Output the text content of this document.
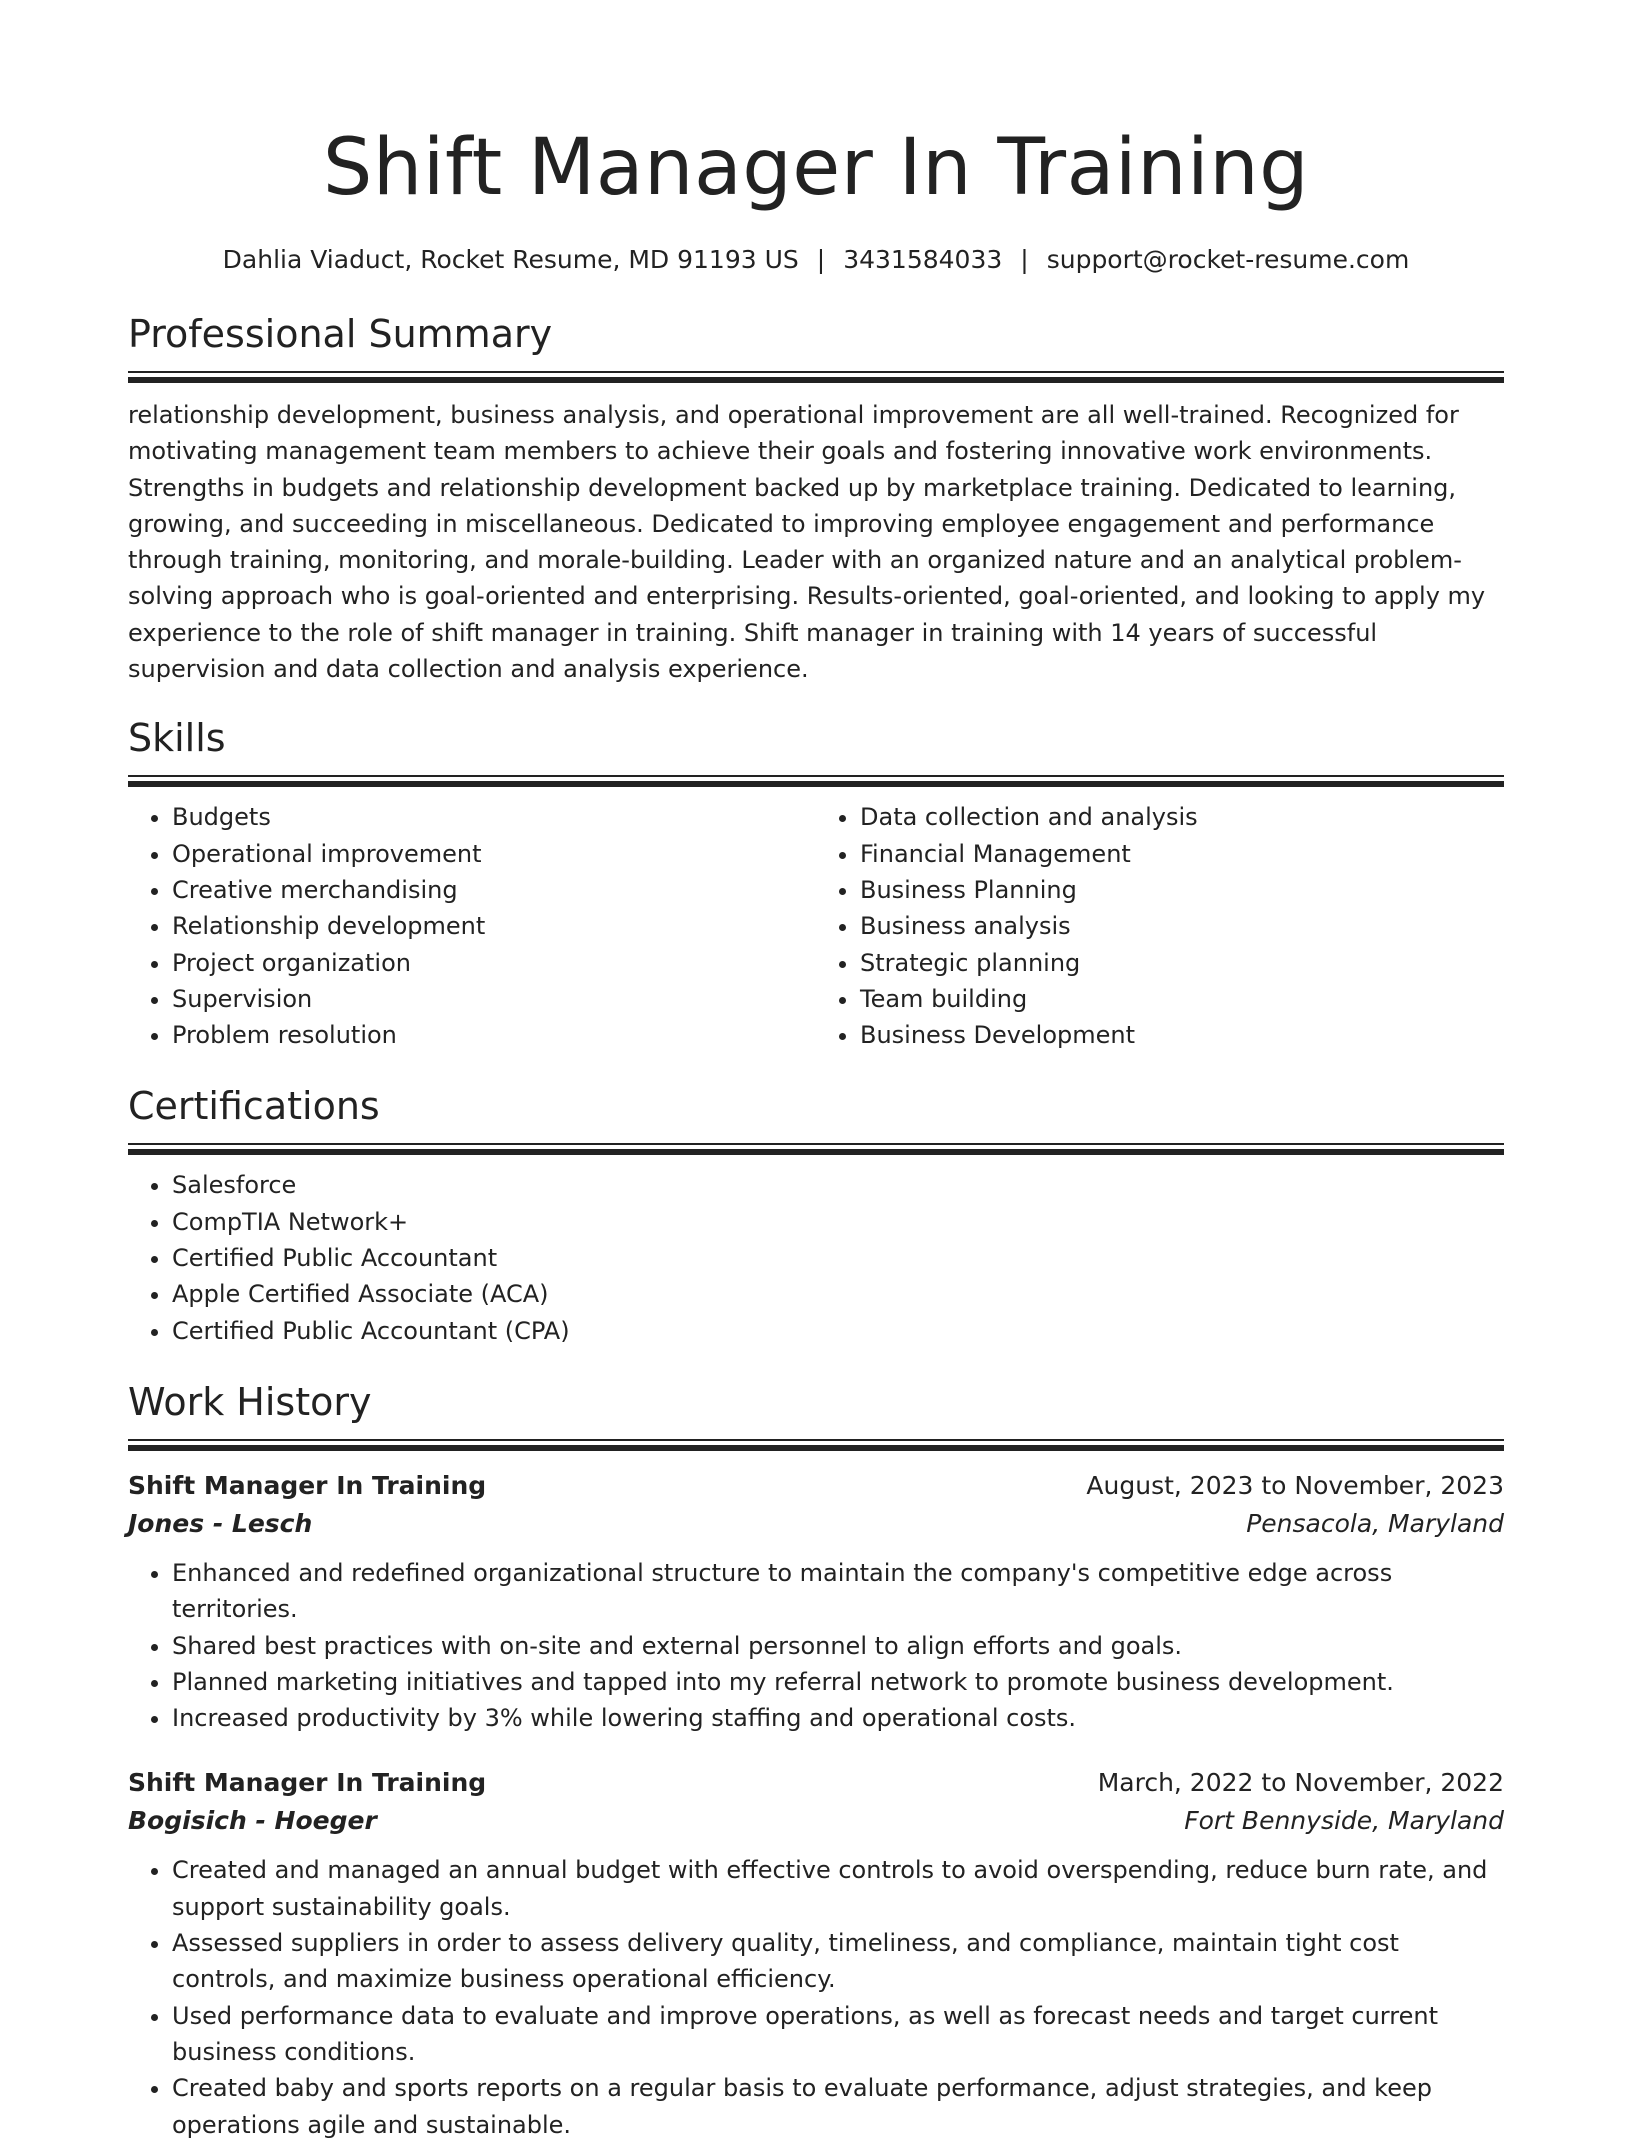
Shift Manager In Training
Dahlia Viaduct, Rocket Resume, MD 91193 US | 3431584033 | support@rocket-resume.com
Professional Summary

relationship development, business analysis, and operational improvement are all well-trained. Recognized for motivating management team members to achieve their goals and fostering innovative work environments. Strengths in budgets and relationship development backed up by marketplace training. Dedicated to learning, growing, and succeeding in miscellaneous. Dedicated to improving employee engagement and performance through training, monitoring, and morale-building. Leader with an organized nature and an analytical problem-solving approach who is goal-oriented and enterprising. Results-oriented, goal-oriented, and looking to apply my experience to the role of shift manager in training. Shift manager in training with 14 years of successful supervision and data collection and analysis experience.

Skills
• Budgets
• Operational improvement
• Creative merchandising
• Relationship development
• Project organization
• Supervision
• Problem resolution
• Data collection and analysis
• Financial Management
• Business Planning
• Business analysis
• Strategic planning
• Team building
• Business Development
Certifications
• Salesforce
• CompTIA Network+
• Certified Public Accountant
• Apple Certified Associate (ACA)
• Certified Public Accountant (CPA)
Work History
Shift Manager In Training	August, 2023 to November, 2023
Jones - Lesch	Pensacola, Maryland
• Enhanced and redefined organizational structure to maintain the company's competitive edge across territories.
• Shared best practices with on-site and external personnel to align efforts and goals.
• Planned marketing initiatives and tapped into my referral network to promote business development.
• Increased productivity by 3% while lowering staffing and operational costs.
Shift Manager In Training	March, 2022 to November, 2022
Bogisich - Hoeger	Fort Bennyside, Maryland
• Created and managed an annual budget with effective controls to avoid overspending, reduce burn rate, and support sustainability goals.
• Assessed suppliers in order to assess delivery quality, timeliness, and compliance, maintain tight cost controls, and maximize business operational efficiency.
• Used performance data to evaluate and improve operations, as well as forecast needs and target current business conditions.
• Created baby and sports reports on a regular basis to evaluate performance, adjust strategies, and keep operations agile and sustainable.
